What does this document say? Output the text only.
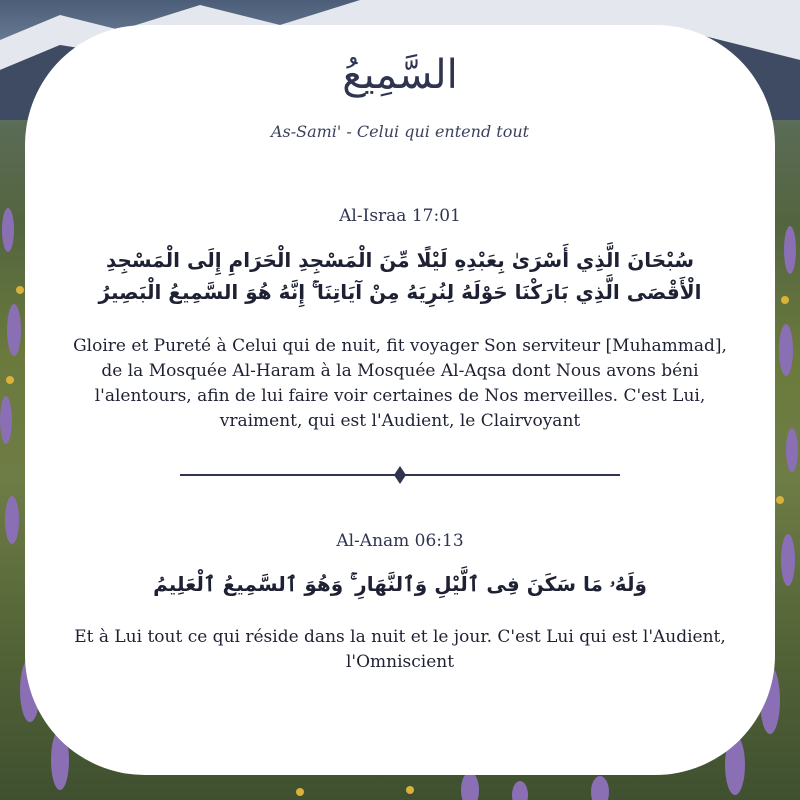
السَّمِيعُ
As-Sami' - Celui qui entend tout
Al-Israa 17:01
سُبْحَانَ الَّذِي أَسْرَىٰ بِعَبْدِهِ لَيْلًا مِّنَ الْمَسْجِدِ الْحَرَامِ إِلَى الْمَسْجِدِ الْأَقْصَى الَّذِي بَارَكْنَا حَوْلَهُ لِنُرِيَهُ مِنْ آيَاتِنَا ۚ إِنَّهُ هُوَ السَّمِيعُ الْبَصِيرُ
Gloire et Pureté à Celui qui de nuit, fit voyager Son serviteur [Muhammad], de la Mosquée Al-Haram à la Mosquée Al-Aqsa dont Nous avons béni l'alentours, afin de lui faire voir certaines de Nos merveilles. C'est Lui, vraiment, qui est l'Audient, le Clairvoyant
Al-Anam 06:13
وَلَهُۥ مَا سَكَنَ فِى ٱلَّيْلِ وَٱلنَّهَارِ ۚ وَهُوَ ٱلسَّمِيعُ ٱلْعَلِيمُ
Et à Lui tout ce qui réside dans la nuit et le jour. C'est Lui qui est l'Audient, l'Omniscient
